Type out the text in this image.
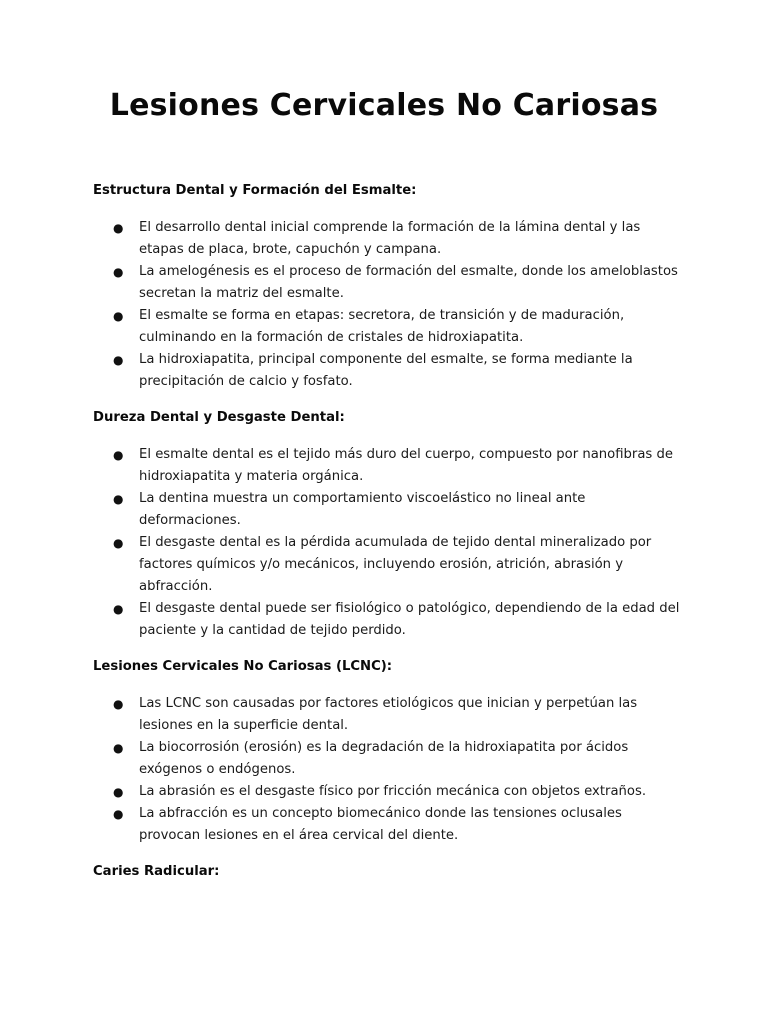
Lesiones Cervicales No Cariosas
Estructura Dental y Formación del Esmalte:
● El desarrollo dental inicial comprende la formación de la lámina dental y las etapas de placa, brote, capuchón y campana.
● La amelogénesis es el proceso de formación del esmalte, donde los ameloblastos secretan la matriz del esmalte.
● El esmalte se forma en etapas: secretora, de transición y de maduración, culminando en la formación de cristales de hidroxiapatita.
● La hidroxiapatita, principal componente del esmalte, se forma mediante la precipitación de calcio y fosfato.
Dureza Dental y Desgaste Dental:
● El esmalte dental es el tejido más duro del cuerpo, compuesto por nanofibras de hidroxiapatita y materia orgánica.
● La dentina muestra un comportamiento viscoelástico no lineal ante deformaciones.
● El desgaste dental es la pérdida acumulada de tejido dental mineralizado por factores químicos y/o mecánicos, incluyendo erosión, atrición, abrasión y abfracción.
● El desgaste dental puede ser fisiológico o patológico, dependiendo de la edad del paciente y la cantidad de tejido perdido.
Lesiones Cervicales No Cariosas (LCNC):
● Las LCNC son causadas por factores etiológicos que inician y perpetúan las lesiones en la superficie dental.
● La biocorrosión (erosión) es la degradación de la hidroxiapatita por ácidos exógenos o endógenos.
● La abrasión es el desgaste físico por fricción mecánica con objetos extraños.
● La abfracción es un concepto biomecánico donde las tensiones oclusales provocan lesiones en el área cervical del diente.
Caries Radicular:
